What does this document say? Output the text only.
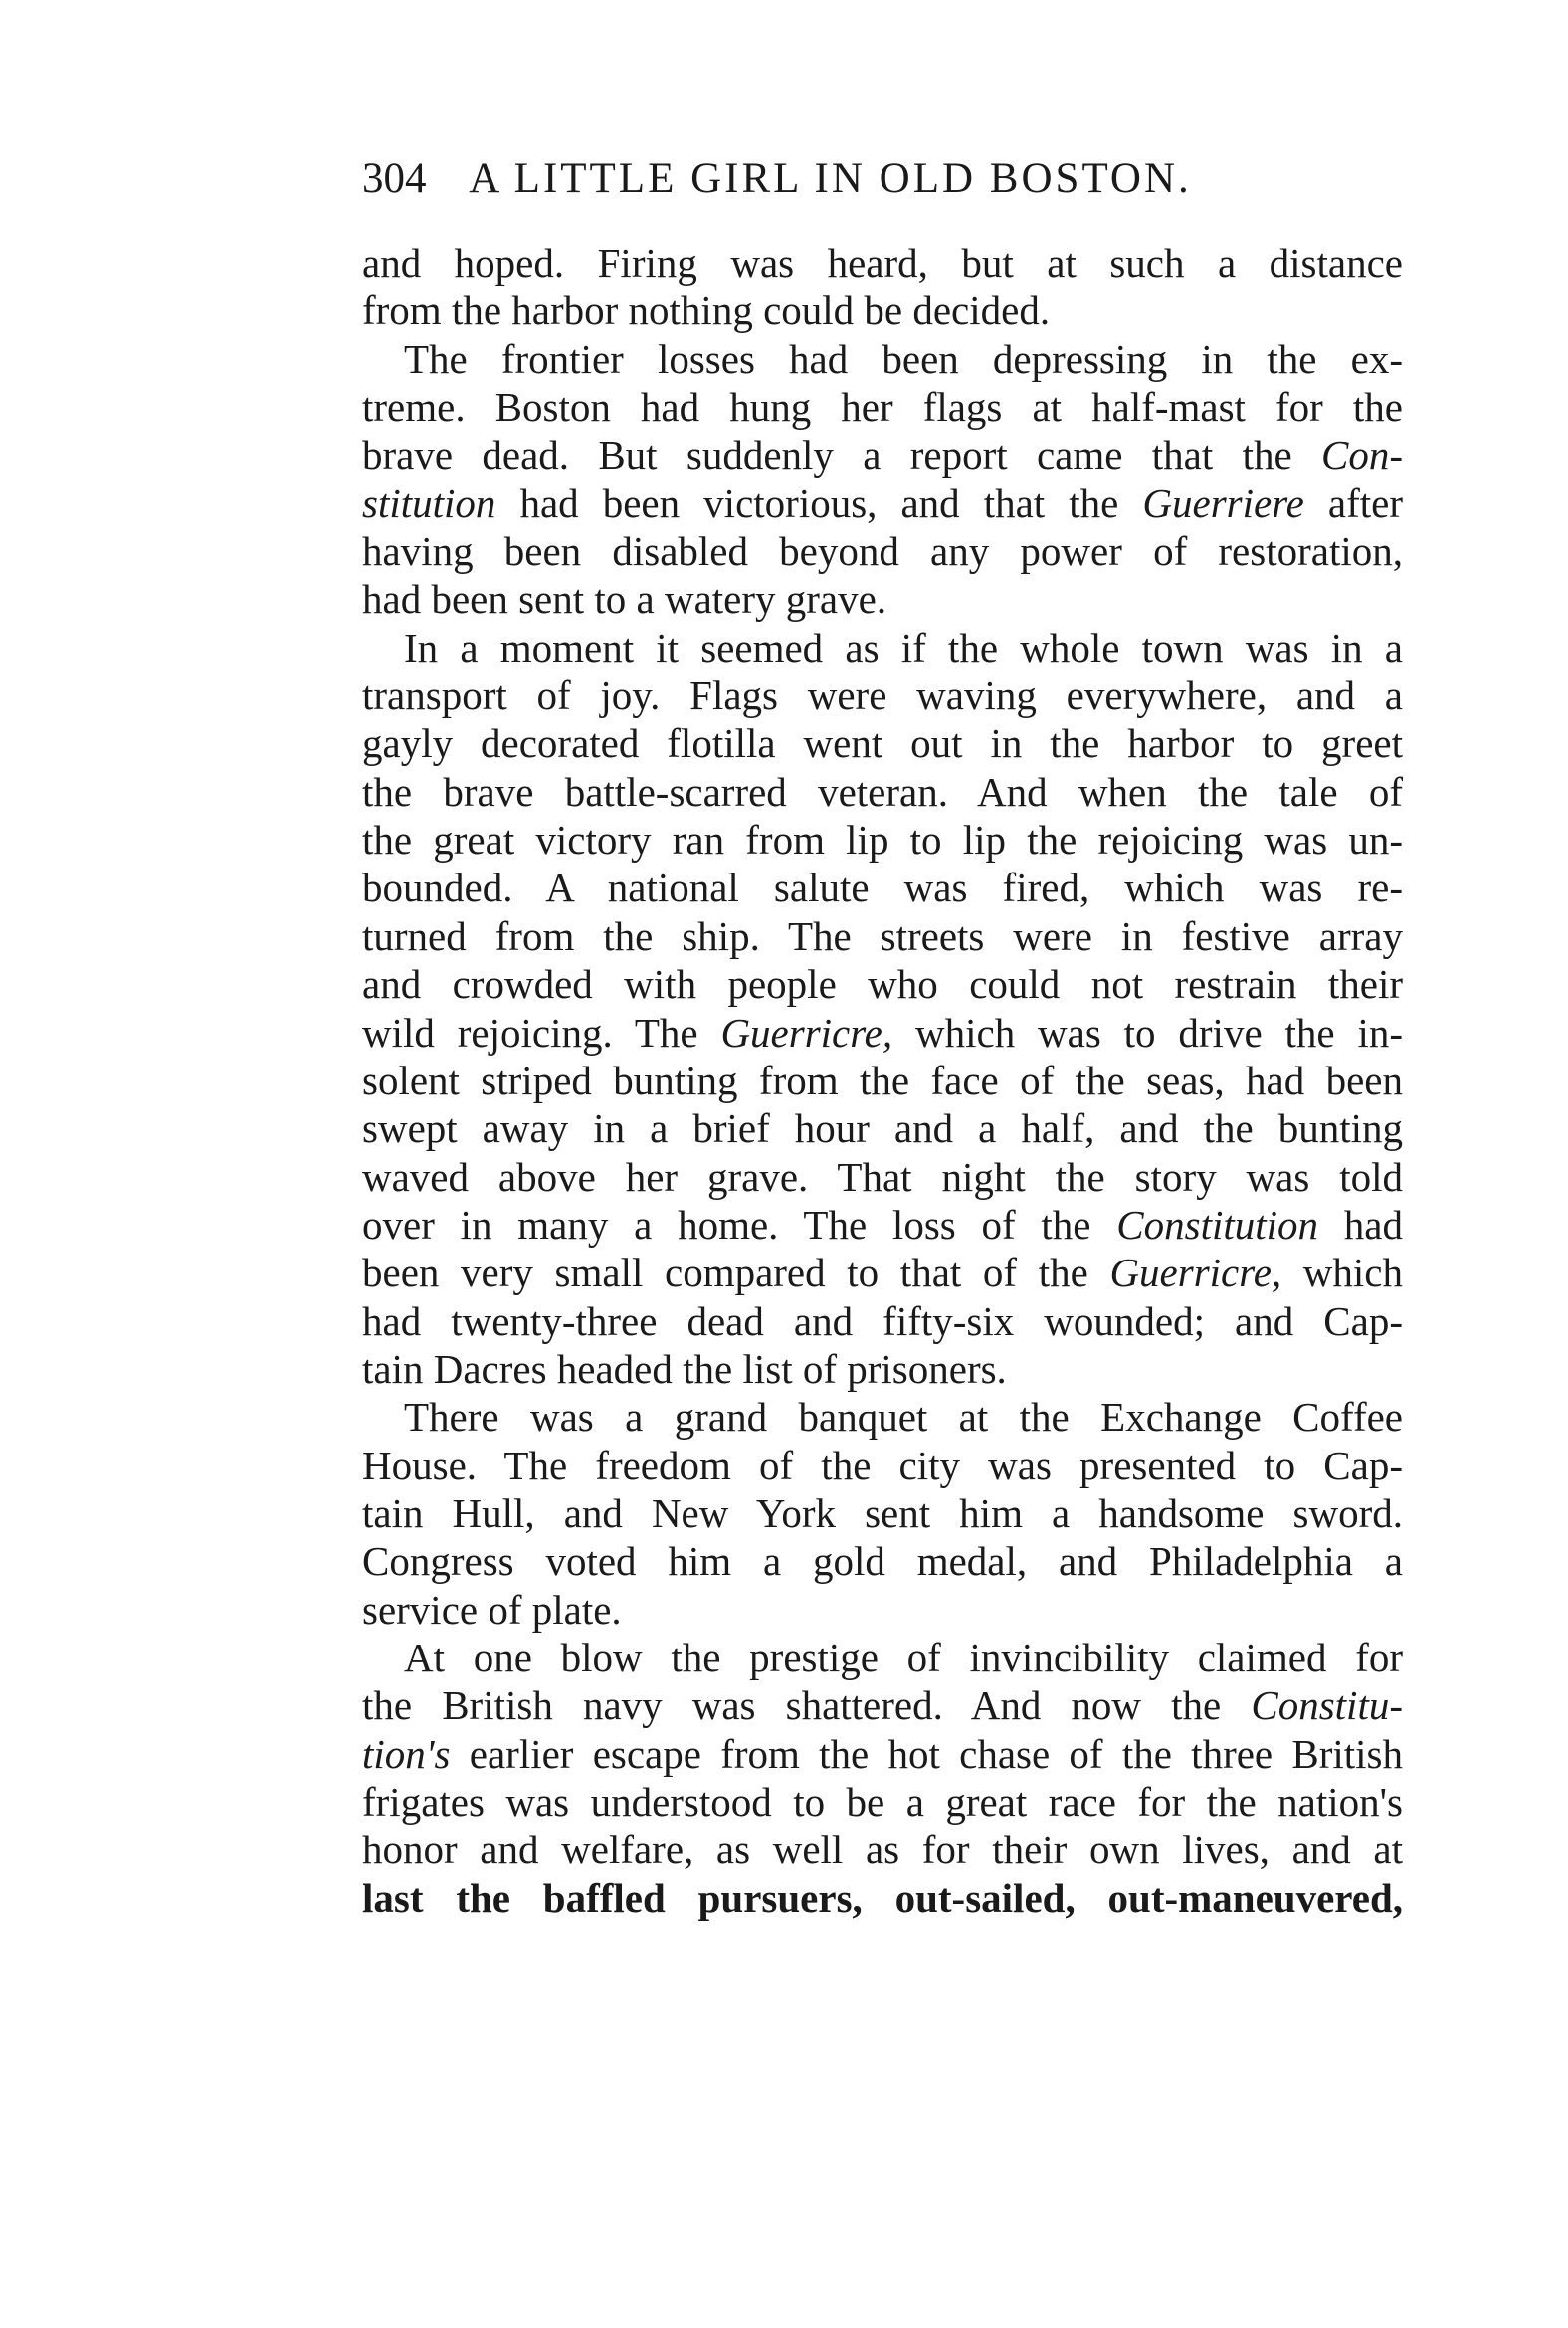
304 A LITTLE GIRL IN OLD BOSTON.
and hoped. Firing was heard, but at such a distance
from the harbor nothing could be decided.
The frontier losses had been depressing in the ex-
treme. Boston had hung her flags at half-mast for the
brave dead. But suddenly a report came that the Con-
stitution had been victorious, and that the Guerriere after
having been disabled beyond any power of restoration,
had been sent to a watery grave.
In a moment it seemed as if the whole town was in a
transport of joy. Flags were waving everywhere, and a
gayly decorated flotilla went out in the harbor to greet
the brave battle-scarred veteran. And when the tale of
the great victory ran from lip to lip the rejoicing was un-
bounded. A national salute was fired, which was re-
turned from the ship. The streets were in festive array
and crowded with people who could not restrain their
wild rejoicing. The Guerricre, which was to drive the in-
solent striped bunting from the face of the seas, had been
swept away in a brief hour and a half, and the bunting
waved above her grave. That night the story was told
over in many a home. The loss of the Constitution had
been very small compared to that of the Guerricre, which
had twenty-three dead and fifty-six wounded; and Cap-
tain Dacres headed the list of prisoners.
There was a grand banquet at the Exchange Coffee
House. The freedom of the city was presented to Cap-
tain Hull, and New York sent him a handsome sword.
Congress voted him a gold medal, and Philadelphia a
service of plate.
At one blow the prestige of invincibility claimed for
the British navy was shattered. And now the Constitu-
tion's earlier escape from the hot chase of the three British
frigates was understood to be a great race for the nation's
honor and welfare, as well as for their own lives, and at
last the baffled pursuers, out-sailed, out-maneuvered,
